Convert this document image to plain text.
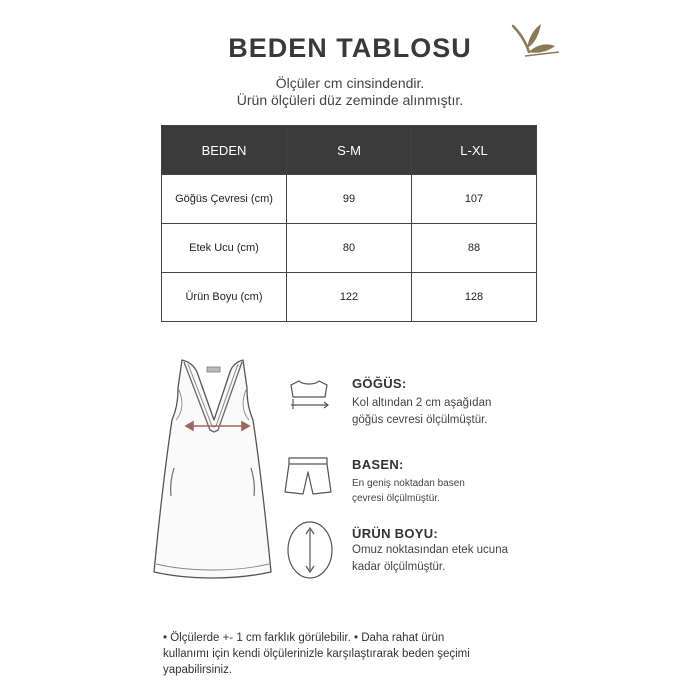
BEDEN TABLOSU
Ölçüler cm cinsindendir.
Ürün ölçüleri düz zeminde alınmıştır.
BEDEN	S-M	L-XL
Göğüs Çevresi (cm)	99	107
Etek Ucu (cm)	80	88
Ürün Boyu (cm)	122	128
GÖĞÜS:
Kol altından 2 cm aşağıdan
göğüs cevresi ölçülmüştür.
BASEN:
En geniş noktadan basen
çevresi ölçülmüştür.
ÜRÜN BOYU:
Omuz noktasından etek ucuna
kadar ölçülmüştür.
• Ölçülerde +- 1 cm farklık görülebilir. • Daha rahat ürün
kullanımı için kendi ölçülerinizle karşılaştırarak beden şeçimi
yapabilirsiniz.
